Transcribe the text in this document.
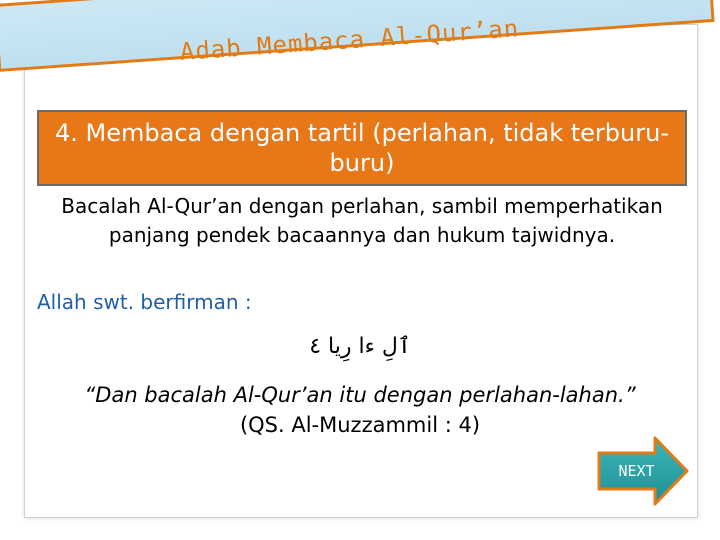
Adab Membaca Al-Qur’an
4. Membaca dengan tartil (perlahan, tidak terburu-buru)
Bacalah Al-Qur’an dengan perlahan, sambil memperhatikan panjang pendek bacaannya dan hukum tajwidnya.
Allah swt. berfirman :
ٱلِ ءا رِيا ٤
“Dan bacalah Al-Qur’an itu dengan perlahan-lahan.”
(QS. Al-Muzzammil : 4)
NEXT
